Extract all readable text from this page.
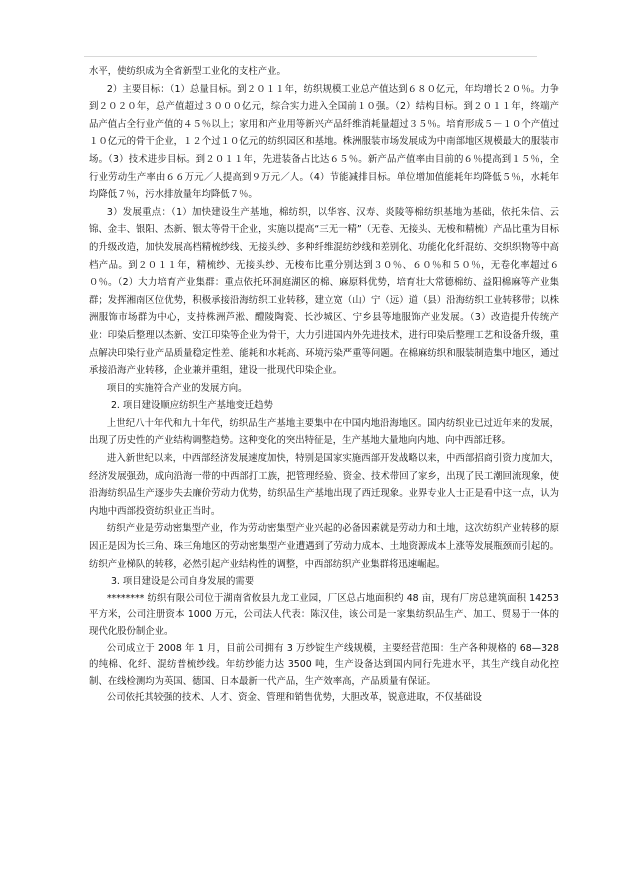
水平，使纺织成为全省新型工业化的支柱产业。

2）主要目标：（1）总量目标。到２０１１年，纺织规模工业总产值达到６８０亿元，年均增长２０％。力争到２０２０年，总产值超过３０００亿元，综合实力进入全国前１０强。（2）结构目标。到２０１１年，终端产品产值占全行业产值的４５％以上；家用和产业用等新兴产品纤维消耗量超过３５％。培育形成５－１０个产值过１０亿元的骨干企业，１２个过１０亿元的纺织园区和基地。株洲服装市场发展成为中南部地区规模最大的服装市场。（3）技术进步目标。到２０１１年，先进装备占比达６５％。新产品产值率由目前的６％提高到１５％，全行业劳动生产率由６６万元／人提高到９万元／人。（4）节能减排目标。单位增加值能耗年均降低５％，水耗年均降低７％，污水排放量年均降低７％。

3）发展重点：（1）加快建设生产基地，棉纺织，以华容、汉寿、炎陵等棉纺织基地为基础，依托朱信、云锦、金丰、银阳、杰新、银太等骨干企业，实施以提高“三无一精”（无卷、无接头、无梭和精梳）产品比重为目标的升级改造，加快发展高档精梳纱线、无接头纱、多种纤维混纺纱线和差别化、功能化化纤混纺、交织织物等中高档产品。到２０１１年，精梳纱、无接头纱、无梭布比重分别达到３０％、６０％和５０％，无卷化率超过６０％。（2）大力培育产业集群：重点依托环洞庭湖区的棉、麻原料优势，培育壮大常德棉纺、益阳棉麻等产业集群；发挥湘南区位优势，积极承接沿海纺织工业转移，建立宽（山）宁（远）道（县）沿海纺织工业转移带；以株洲服饰市场群为中心，支持株洲芦淞、醴陵陶瓷、长沙城区、宁乡县等地服饰产业发展。（3）改造提升传统产业：印染后整理以杰新、安江印染等企业为骨干，大力引进国内外先进技术，进行印染后整理工艺和设备升级，重点解决印染行业产品质量稳定性差、能耗和水耗高、环境污染严重等问题。在棉麻纺织和服装制造集中地区，通过承接沿海产业转移，企业兼并重组，建设一批现代印染企业。

项目的实施符合产业的发展方向。

2. 项目建设顺应纺织生产基地变迁趋势

上世纪八十年代和九十年代，纺织品生产基地主要集中在中国内地沿海地区。国内纺织业已过近年来的发展，出现了历史性的产业结构调整趋势。这种变化的突出特征是，生产基地大量地向内地、向中西部迁移。

进入新世纪以来，中西部经济发展速度加快，特别是国家实施西部开发战略以来，中西部招商引资力度加大，经济发展强劲，成向沿海一带的中西部打工族，把管理经验、资金、技术带回了家乡，出现了民工潮回流现象，使沿海纺织品生产逐步失去廉价劳动力优势，纺织品生产基地出现了西迁现象。业界专业人士正是看中这一点，认为内地中西部投资纺织业正当时。

纺织产业是劳动密集型产业，作为劳动密集型产业兴起的必备因素就是劳动力和土地，这次纺织产业转移的原因正是因为长三角、珠三角地区的劳动密集型产业遭遇到了劳动力成本、土地资源成本上涨等发展瓶颈而引起的。纺织产业梯队的转移，必然引起产业结构性的调整，中西部纺织产业集群将迅速崛起。

3. 项目建设是公司自身发展的需要

******** 纺织有限公司位于湖南省攸县九龙工业园，厂区总占地面积约 48 亩，现有厂房总建筑面积 14253 平方米，公司注册资本 1000 万元，公司法人代表：陈汉佳，该公司是一家集纺织品生产、加工、贸易于一体的现代化股份制企业。

公司成立于 2008 年 1 月，目前公司拥有 3 万纱锭生产线规模，主要经营范围：生产各种规格的 68—328 的纯棉、化纤、混纺普梳纱线。年纺纱能力达 3500 吨，生产设备达到国内同行先进水平，其生产线自动化控制、在线检测均为英国、德国、日本最新一代产品，生产效率高，产品质量有保证。

公司依托其较强的技术、人才、资金、管理和销售优势，大胆改革，锐意进取，不仅基础设
